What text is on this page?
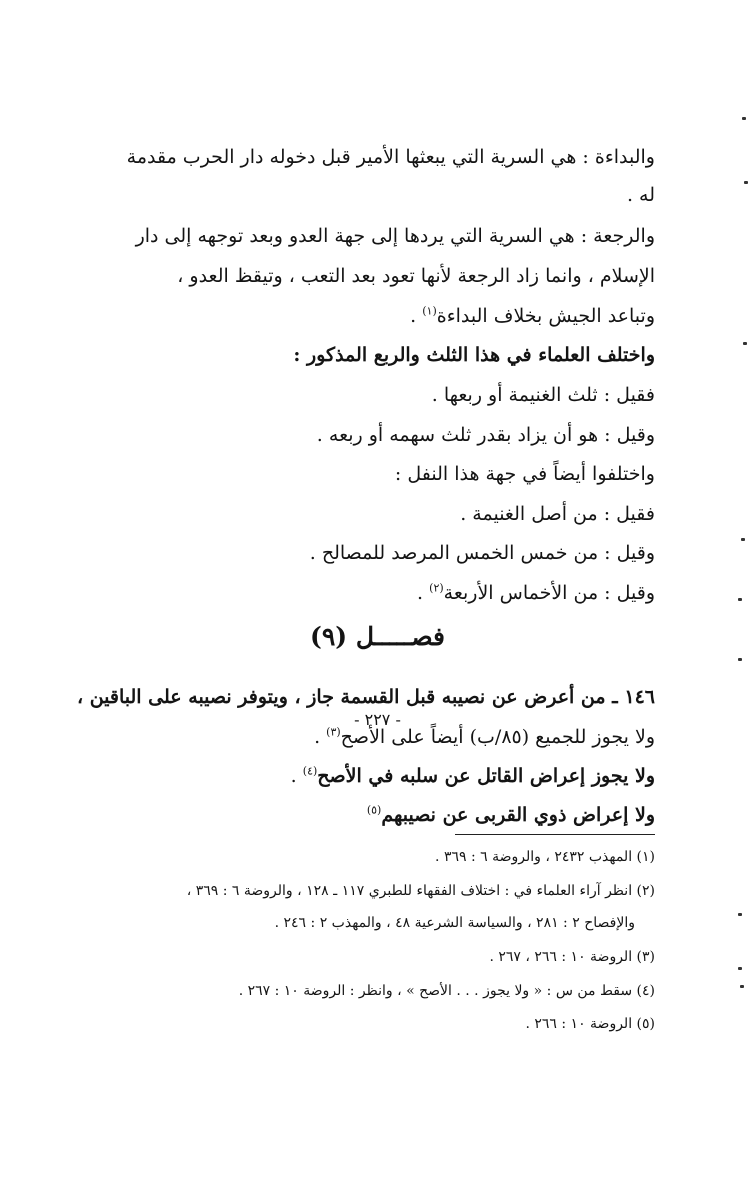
والبداءة : هي السرية التي يبعثها الأمير قبل دخوله دار الحرب مقدمة
له .
والرجعة : هي السرية التي يردها إلى جهة العدو وبعد توجهه إلى دار
الإسلام ، وانما زاد الرجعة لأنها تعود بعد التعب ، وتيقظ العدو ،
وتباعد الجيش بخلاف البداءة$^{(١)}$ .
واختلف العلماء في هذا الثلث والربع المذكور :
فقيل : ثلث الغنيمة أو ربعها .
وقيل : هو أن يزاد بقدر ثلث سهمه أو ربعه .
واختلفوا أيضاً في جهة هذا النفل :
فقيل : من أصل الغنيمة .
وقيل : من خمس الخمس المرصد للمصالح .
وقيل : من الأخماس الأربعة$^{(٢)}$ .
فصـــــل (٩)
١٤٦ ـ من أعرض عن نصيبه قبل القسمة جاز ، ويتوفر نصيبه على الباقين ،
ولا يجوز للجميع (٨٥/ب) أيضاً على الأصح$^{(٣)}$ .
ولا يجوز إعراض القاتل عن سلبه في الأصح$^{(٤)}$ .
ولا إعراض ذوي القربى عن نصيبهم$^{(٥)}$
(١) المهذب ٢٤٣٢ ، والروضة ٦ : ٣٦٩ .
(٢) انظر آراء العلماء في : اختلاف الفقهاء للطبري ١١٧ ـ ١٢٨ ، والروضة ٦ : ٣٦٩ ،
والإفصاح ٢ : ٢٨١ ، والسياسة الشرعية ٤٨ ، والمهذب ٢ : ٢٤٦ .
(٣) الروضة ١٠ : ٢٦٦ ، ٢٦٧ .
(٤) سقط من س : « ولا يجوز . . . الأصح » ، وانظر : الروضة ١٠ : ٢٦٧ .
(٥) الروضة ١٠ : ٢٦٦ .
- ٢٢٧ -
